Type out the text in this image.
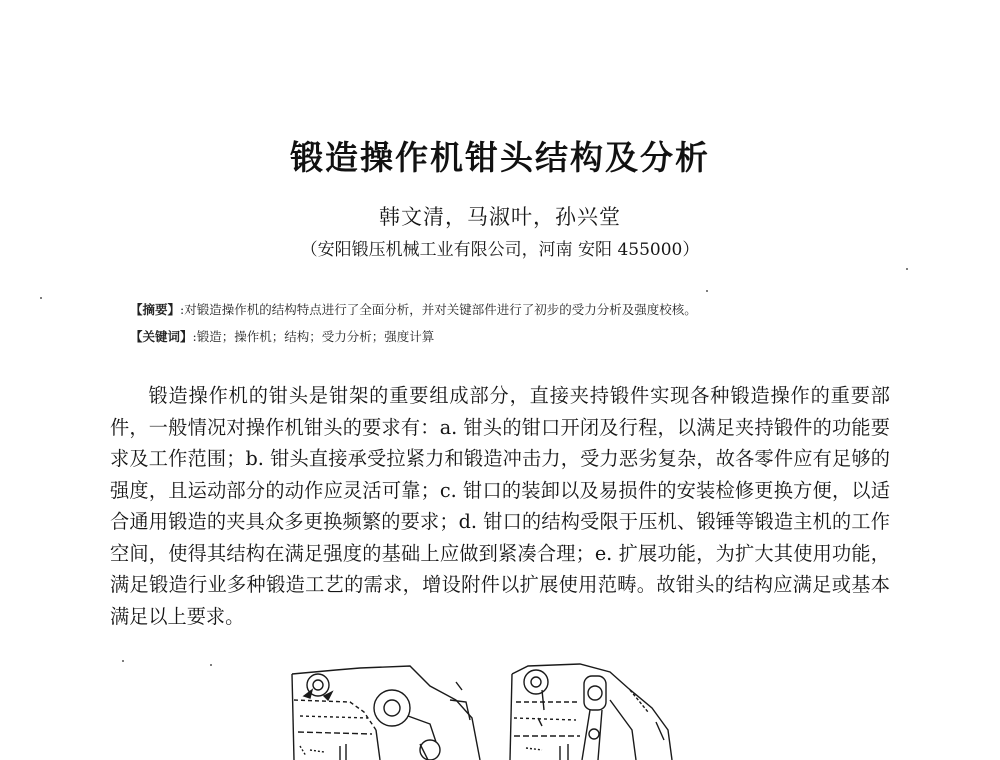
锻造操作机钳头结构及分析
韩文清，马淑叶，孙兴堂
（安阳锻压机械工业有限公司，河南 安阳 455000）
【摘要】:对锻造操作机的结构特点进行了全面分析，并对关键部件进行了初步的受力分析及强度校核。
【关键词】:锻造；操作机；结构；受力分析；强度计算

锻造操作机的钳头是钳架的重要组成部分，直接夹持锻件实现各种锻造操作的重要部件，一般情况对操作机钳头的要求有：a. 钳头的钳口开闭及行程，以满足夹持锻件的功能要求及工作范围；b. 钳头直接承受拉紧力和锻造冲击力，受力恶劣复杂，故各零件应有足够的强度，且运动部分的动作应灵活可靠；c. 钳口的装卸以及易损件的安装检修更换方便，以适合通用锻造的夹具众多更换频繁的要求；d. 钳口的结构受限于压机、锻锤等锻造主机的工作空间，使得其结构在满足强度的基础上应做到紧凑合理；e. 扩展功能，为扩大其使用功能，满足锻造行业多种锻造工艺的需求，增设附件以扩展使用范畴。故钳头的结构应满足或基本满足以上要求。
